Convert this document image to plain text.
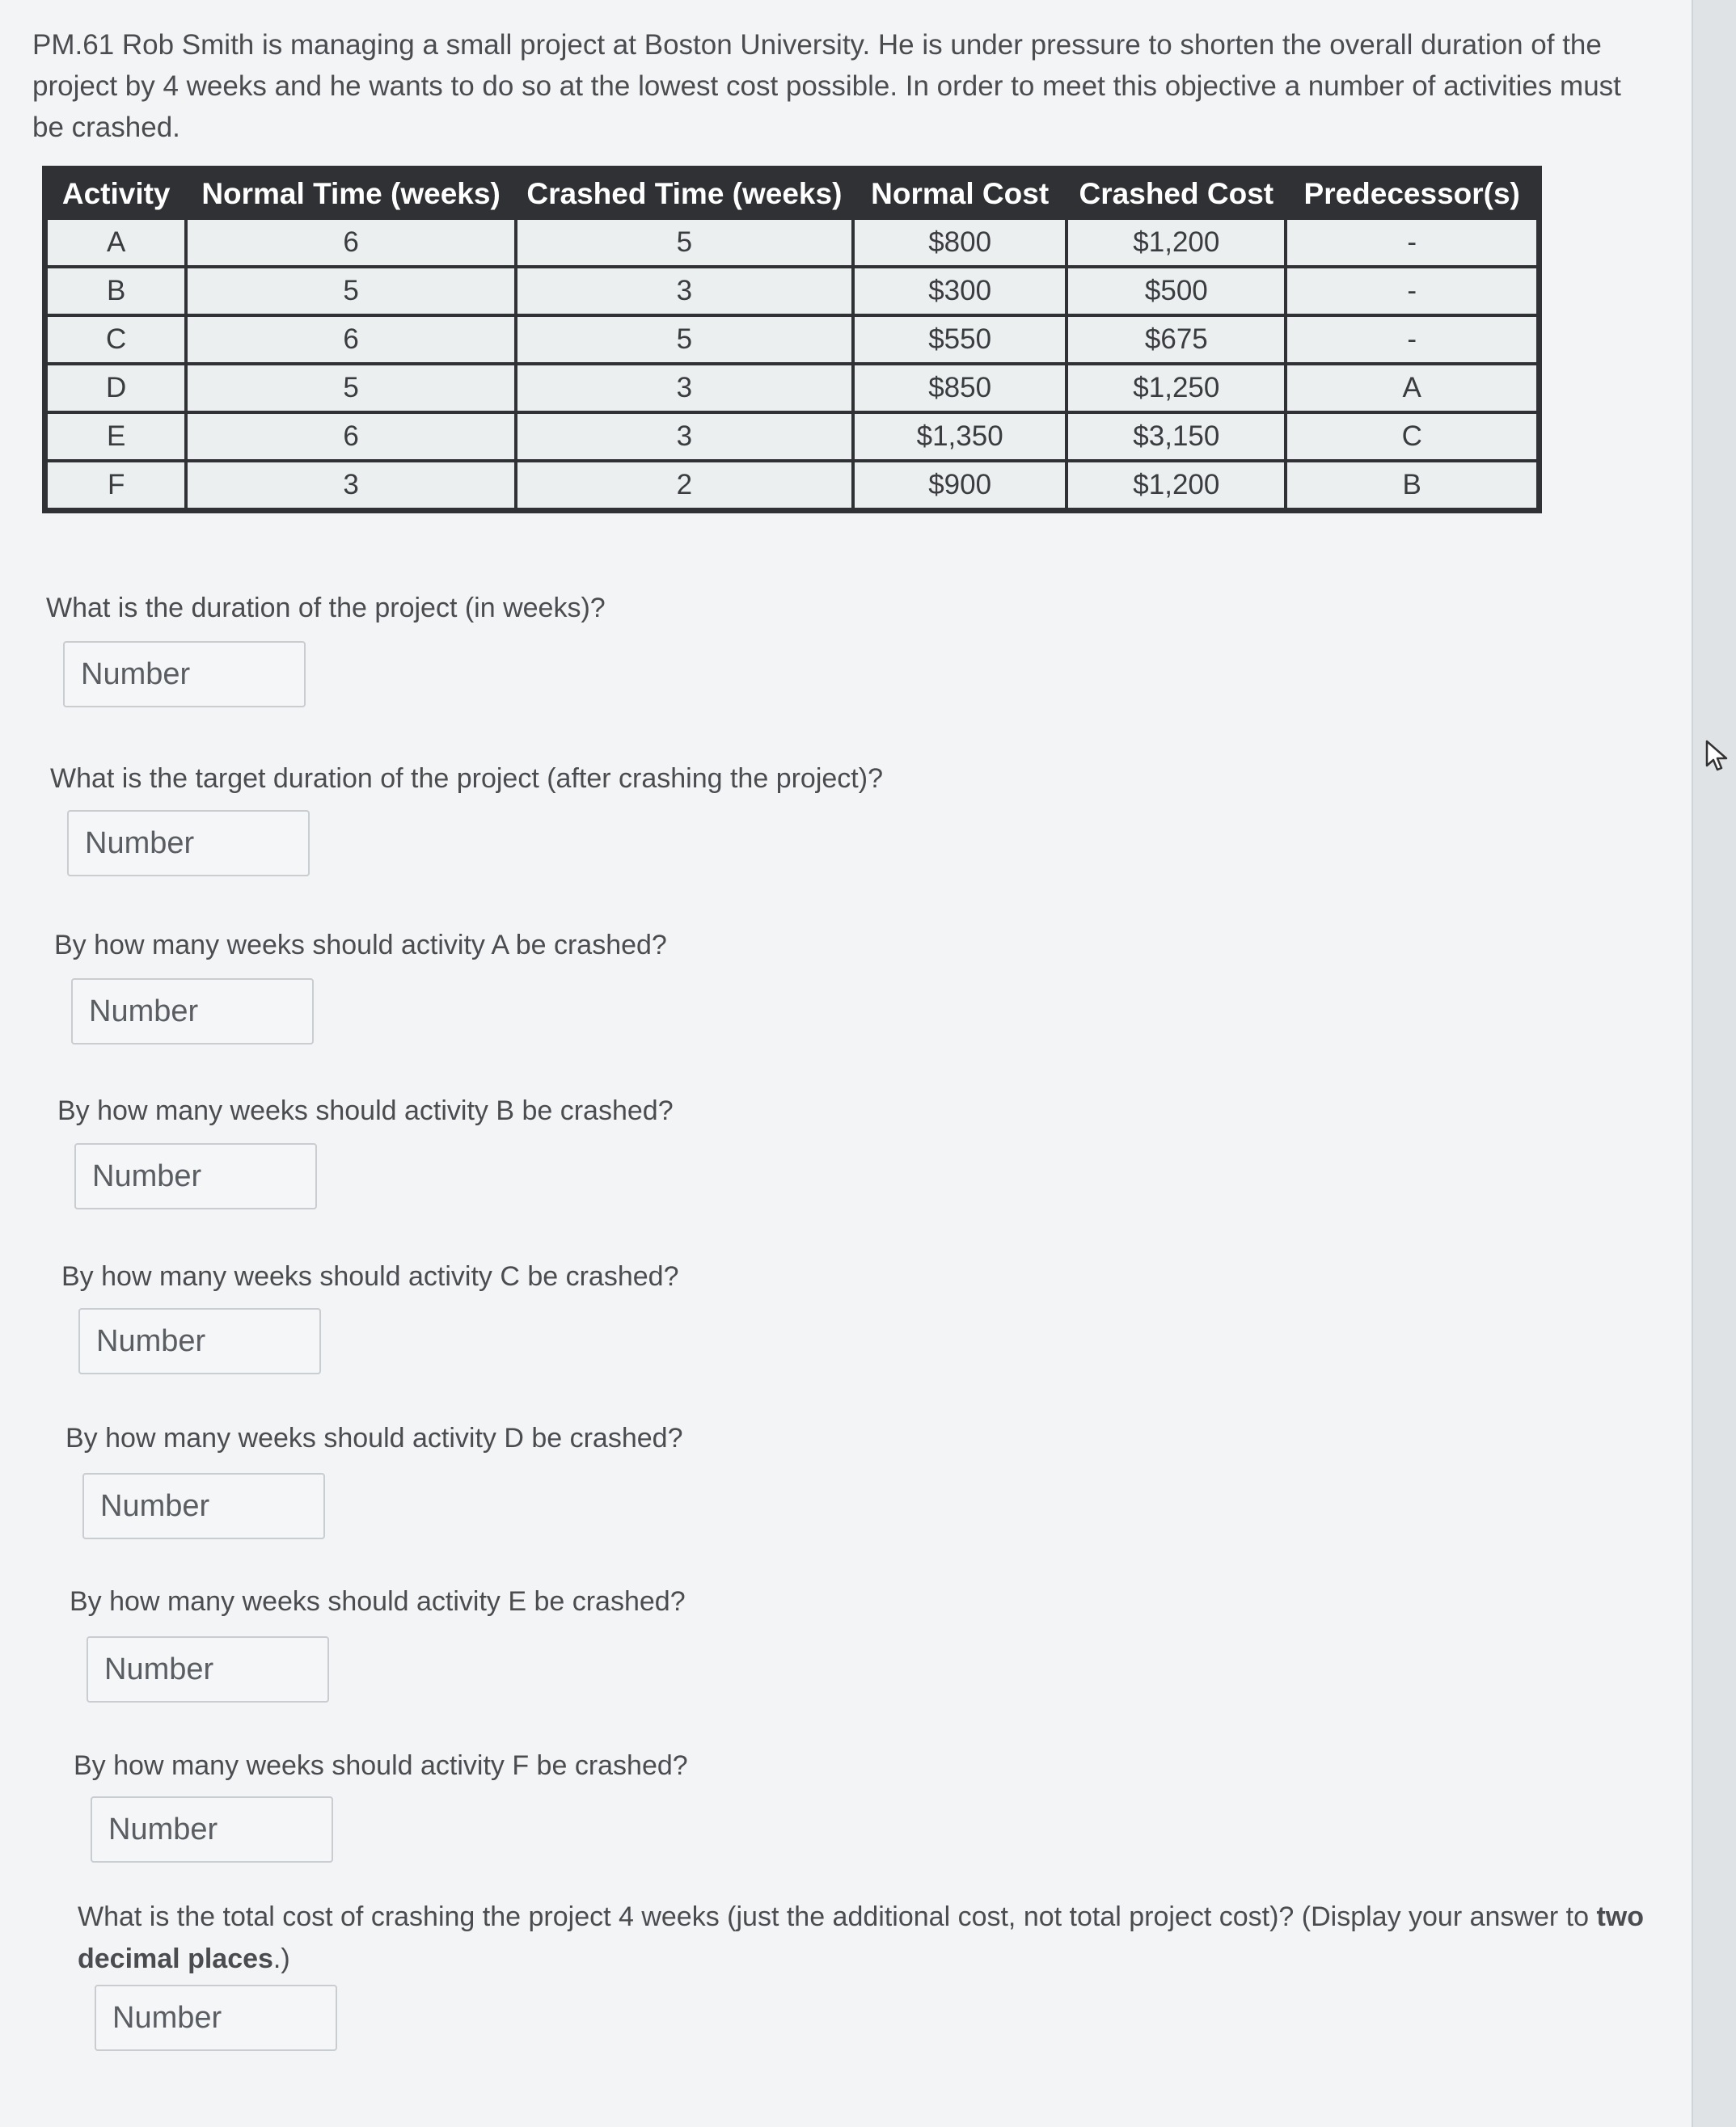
PM.61 Rob Smith is managing a small project at Boston University. He is under pressure to shorten the overall duration of the project by 4 weeks and he wants to do so at the lowest cost possible. In order to meet this objective a number of activities must be crashed.

Activity	Normal Time (weeks)	Crashed Time (weeks)	Normal Cost	Crashed Cost	Predecessor(s)
A	6	5	$800	$1,200	-
B	5	3	$300	$500	-
C	6	5	$550	$675	-
D	5	3	$850	$1,250	A
E	6	3	$1,350	$3,150	C
F	3	2	$900	$1,200	B

What is the duration of the project (in weeks)?

Number

What is the target duration of the project (after crashing the project)?

Number

By how many weeks should activity A be crashed?

Number

By how many weeks should activity B be crashed?

Number

By how many weeks should activity C be crashed?

Number

By how many weeks should activity D be crashed?

Number

By how many weeks should activity E be crashed?

Number

By how many weeks should activity F be crashed?

Number

What is the total cost of crashing the project 4 weeks (just the additional cost, not total project cost)? (Display your answer to two decimal places.)

Number
